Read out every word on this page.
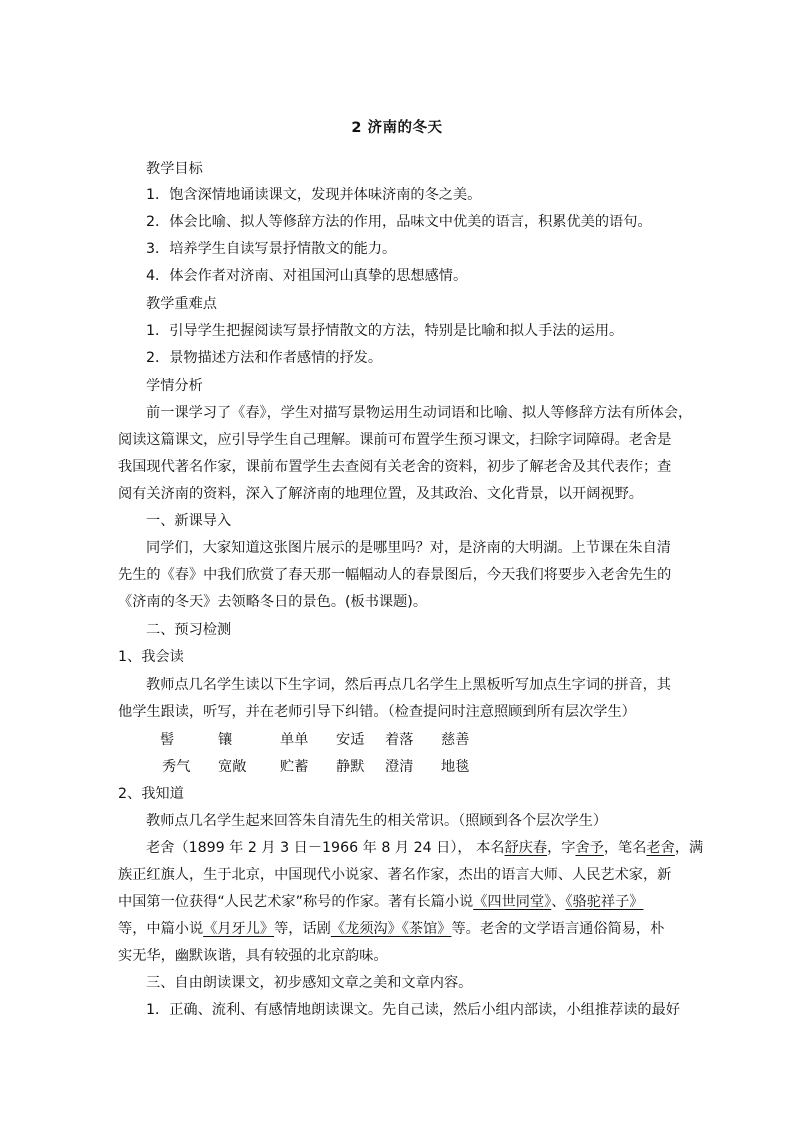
2 济南的冬天
教学目标
1．饱含深情地诵读课文，发现并体味济南的冬之美。
2．体会比喻、拟人等修辞方法的作用，品味文中优美的语言，积累优美的语句。
3．培养学生自读写景抒情散文的能力。
4．体会作者对济南、对祖国河山真挚的思想感情。
教学重难点
1．引导学生把握阅读写景抒情散文的方法，特别是比喻和拟人手法的运用。
2．景物描述方法和作者感情的抒发。
学情分析
前一课学习了《春》，学生对描写景物运用生动词语和比喻、拟人等修辞方法有所体会，
阅读这篇课文，应引导学生自己理解。课前可布置学生预习课文，扫除字词障碍。老舍是
我国现代著名作家，课前布置学生去查阅有关老舍的资料，初步了解老舍及其代表作；查
阅有关济南的资料，深入了解济南的地理位置，及其政治、文化背景，以开阔视野。
一、新课导入
同学们，大家知道这张图片展示的是哪里吗？对，是济南的大明湖。上节课在朱自清
先生的《春》中我们欣赏了春天那一幅幅动人的春景图后，今天我们将要步入老舍先生的
《济南的冬天》去领略冬日的景色。(板书课题)。
二、预习检测
1、我会读
教师点几名学生读以下生字词，然后再点几名学生上黑板听写加点生字词的拼音，其
他学生跟读，听写，并在老师引导下纠错。（检查提问时注意照顾到所有层次学生）
髻	镶	单单 安适 着落 慈善
秀气 宽敞 贮蓄 静默 澄清 地毯
2、我知道
教师点几名学生起来回答朱自清先生的相关常识。（照顾到各个层次学生）
老舍（1899 年 2 月 3 日－1966 年 8 月 24 日）， 本名舒庆春，字舍予，笔名老舍，满
族正红旗人，生于北京，中国现代小说家、著名作家，杰出的语言大师、人民艺术家，新
中国第一位获得“人民艺术家”称号的作家。著有长篇小说《四世同堂》、《骆驼祥子》
等，中篇小说《月牙儿》等，话剧《龙须沟》《茶馆》等。老舍的文学语言通俗简易，朴
实无华，幽默诙谐，具有较强的北京韵味。
三、自由朗读课文，初步感知文章之美和文章内容。
1．正确、流利、有感情地朗读课文。先自己读，然后小组内部读，小组推荐读的最好
